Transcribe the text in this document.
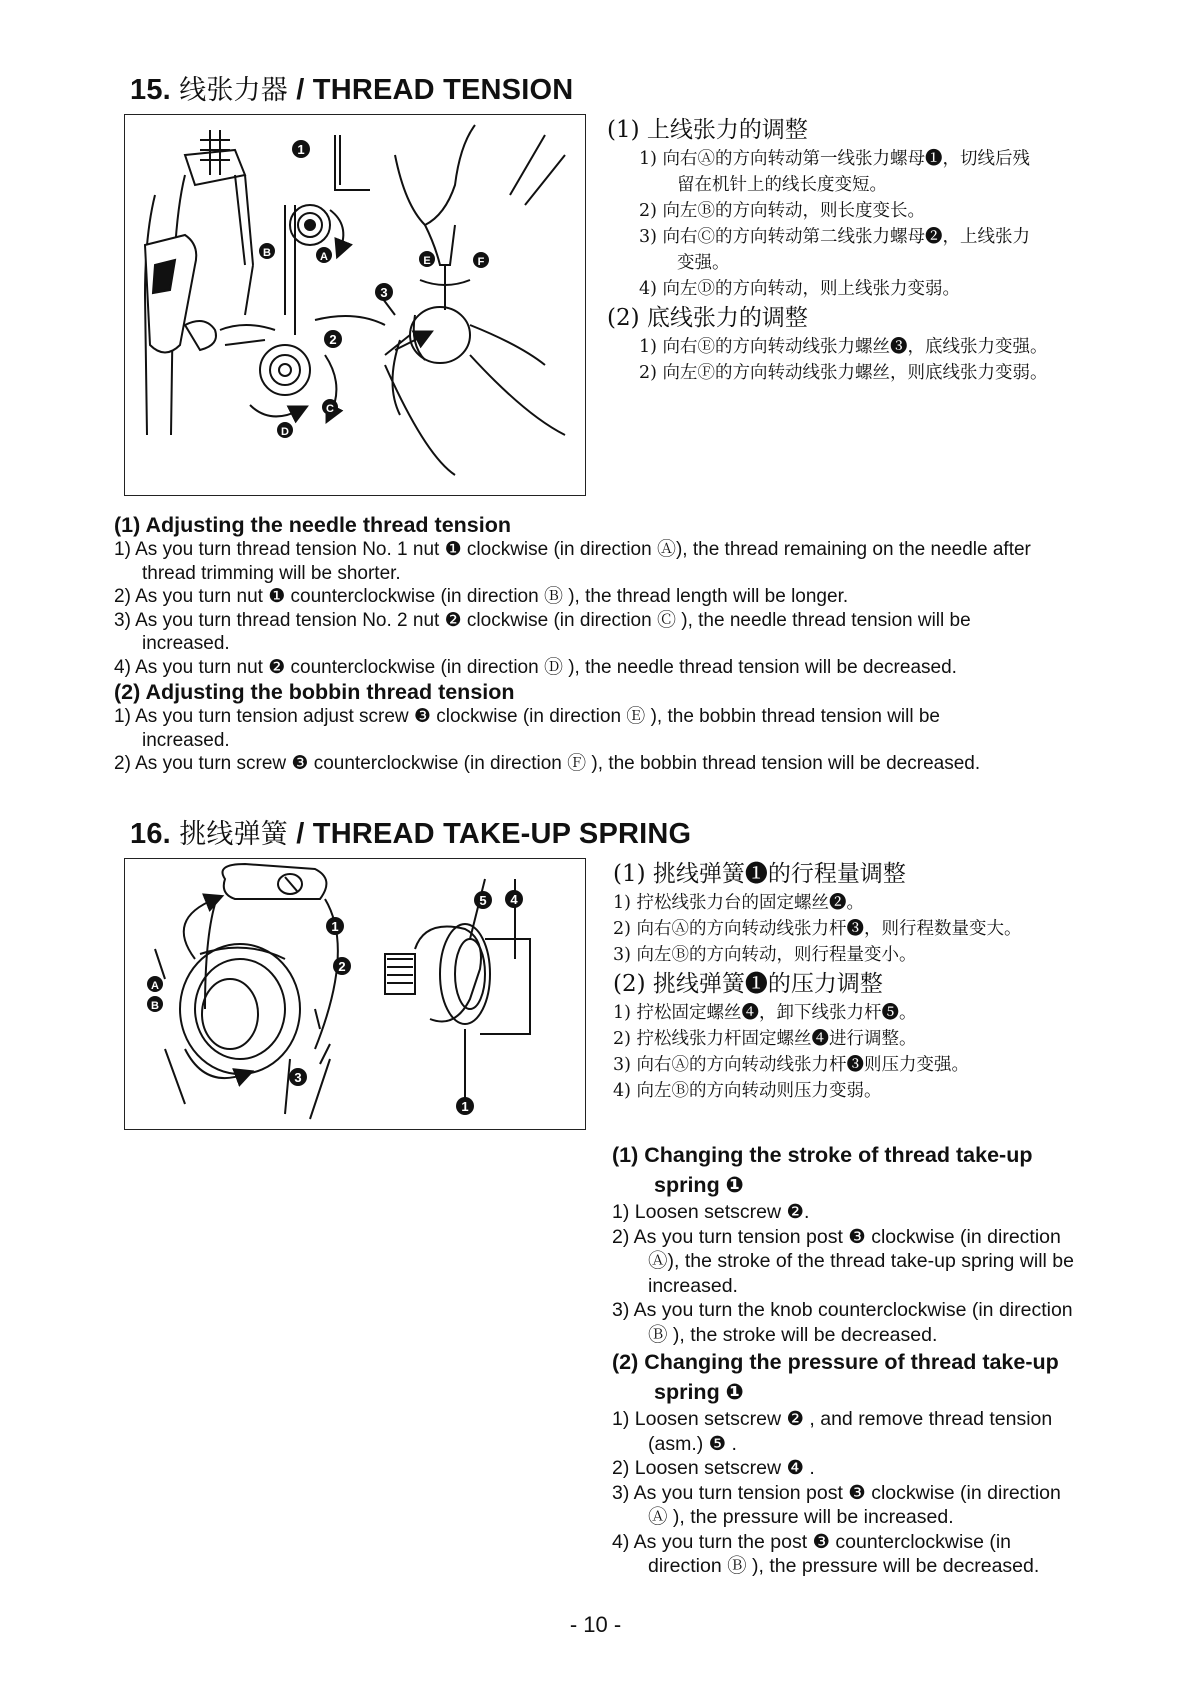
15. 线张力器 / THREAD TENSION
1
B	A
3
2
E	F
C
D
(1) 上线张力的调整
1) 向右Ⓐ的方向转动第一线张力螺母❶，切线后残
留在机针上的线长度变短。
2) 向左Ⓑ的方向转动，则长度变长。
3) 向右Ⓒ的方向转动第二线张力螺母❷，上线张力
变强。
4) 向左Ⓓ的方向转动，则上线张力变弱。
(2) 底线张力的调整
1) 向右Ⓔ的方向转动线张力螺丝❸，底线张力变强。
2) 向左Ⓕ的方向转动线张力螺丝，则底线张力变弱。
(1) Adjusting the needle thread tension
1) As you turn thread tension No. 1 nut ❶ clockwise (in direction Ⓐ), the thread remaining on the needle after
thread trimming will be shorter.
2) As you turn nut ❶ counterclockwise (in direction Ⓑ ), the thread length will be longer.
3) As you turn thread tension No. 2 nut ❷ clockwise (in direction Ⓒ ), the needle thread tension will be
increased.
4) As you turn nut ❷ counterclockwise (in direction Ⓓ ), the needle thread tension will be decreased.
(2) Adjusting the bobbin thread tension
1) As you turn tension adjust screw ❸ clockwise (in direction Ⓔ ), the bobbin thread tension will be
increased.
2) As you turn screw ❸ counterclockwise (in direction Ⓕ ), the bobbin thread tension will be decreased.
16. 挑线弹簧 / THREAD TAKE-UP SPRING
1
2
3
5 4
1
A
B
(1) 挑线弹簧❶的行程量调整
1) 拧松线张力台的固定螺丝❷。
2) 向右Ⓐ的方向转动线张力杆❸，则行程数量变大。
3) 向左Ⓑ的方向转动，则行程量变小。
(2) 挑线弹簧❶的压力调整
1) 拧松固定螺丝❹，卸下线张力杆❺。
2) 拧松线张力杆固定螺丝❹进行调整。
3) 向右Ⓐ的方向转动线张力杆❸则压力变强。
4) 向左Ⓑ的方向转动则压力变弱。
(1) Changing the stroke of thread take-up
spring ❶
1) Loosen setscrew ❷.
2) As you turn tension post ❸ clockwise (in direction
Ⓐ), the stroke of the thread take-up spring will be
increased.
3) As you turn the knob counterclockwise (in direction
Ⓑ ), the stroke will be decreased.
(2) Changing the pressure of thread take-up
spring ❶
1) Loosen setscrew ❷ , and remove thread tension
(asm.) ❺ .
2) Loosen setscrew ❹ .
3) As you turn tension post ❸ clockwise (in direction
Ⓐ ), the pressure will be increased.
4) As you turn the post ❸ counterclockwise (in
direction Ⓑ ), the pressure will be decreased.
- 10 -
